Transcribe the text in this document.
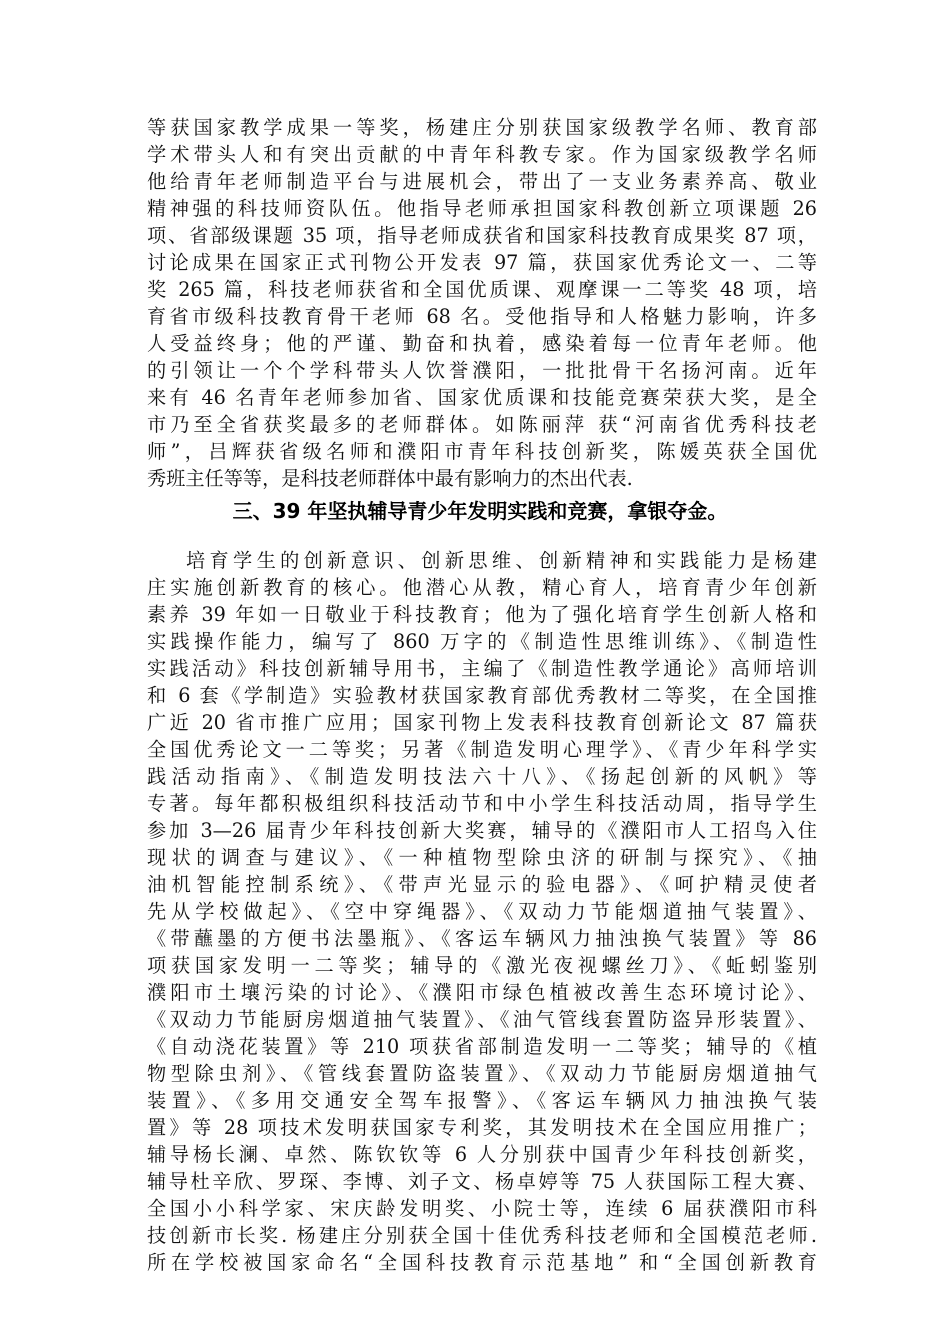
等获国家教学成果一等奖，杨建庄分别获国家级教学名师、教育部

学术带头人和有突出贡献的中青年科教专家。作为国家级教学名师

他给青年老师制造平台与进展机会，带出了一支业务素养高、敬业

精神强的科技师资队伍。他指导老师承担国家科教创新立项课题 26

项、省部级课题 35 项，指导老师成获省和国家科技教育成果奖 87 项，

讨论成果在国家正式刊物公开发表 97 篇，获国家优秀论文一、二等

奖 265 篇，科技老师获省和全国优质课、观摩课一二等奖 48 项，培

育省市级科技教育骨干老师 68 名。受他指导和人格魅力影响，许多

人受益终身；他的严谨、勤奋和执着，感染着每一位青年老师。他

的引领让一个个学科带头人饮誉濮阳，一批批骨干名扬河南。近年

来有 46 名青年老师参加省、国家优质课和技能竞赛荣获大奖，是全

市乃至全省获奖最多的老师群体。如陈丽萍 获“河南省优秀科技老

师”，吕辉获省级名师和濮阳市青年科技创新奖，陈媛英获全国优

秀班主任等等，是科技老师群体中最有影响力的杰出代表.

三、39 年坚执辅导青少年发明实践和竞赛，拿银夺金。

培育学生的创新意识、创新思维、创新精神和实践能力是杨建

庄实施创新教育的核心。他潜心从教，精心育人，培育青少年创新

素养 39 年如一日敬业于科技教育；他为了强化培育学生创新人格和

实践操作能力，编写了 860 万字的《制造性思维训练》、《制造性

实践活动》科技创新辅导用书，主编了《制造性教学通论》高师培训

和 6 套《学制造》实验教材获国家教育部优秀教材二等奖，在全国推

广近 20 省市推广应用；国家刊物上发表科技教育创新论文 87 篇获

全国优秀论文一二等奖；另著《制造发明心理学》、《青少年科学实

践活动指南》、《制造发明技法六十八》、《扬起创新的风帆》等

专著。每年都积极组织科技活动节和中小学生科技活动周，指导学生

参加 3—26 届青少年科技创新大奖赛，辅导的《濮阳市人工招鸟入住

现状的调查与建议》、《一种植物型除虫济的研制与探究》、《抽

油机智能控制系统》、《带声光显示的验电器》、《呵护精灵使者

先从学校做起》、《空中穿绳器》、《双动力节能烟道抽气装置》、

《带蘸墨的方便书法墨瓶》、《客运车辆风力抽浊换气装置》等 86

项获国家发明一二等奖；辅导的《激光夜视螺丝刀》、《蚯蚓鉴别

濮阳市土壤污染的讨论》、《濮阳市绿色植被改善生态环境讨论》、

《双动力节能厨房烟道抽气装置》、《油气管线套置防盗异形装置》、

《自动浇花装置》等 210 项获省部制造发明一二等奖；辅导的《植

物型除虫剂》、《管线套置防盗装置》、《双动力节能厨房烟道抽气

装置》、《多用交通安全驾车报警》、《客运车辆风力抽浊换气装

置》等 28 项技术发明获国家专利奖，其发明技术在全国应用推广；

辅导杨长澜、卓然、陈钦钦等 6 人分别获中国青少年科技创新奖，

辅导杜辛欣、罗琛、李博、刘子文、杨卓婷等 75 人获国际工程大赛、

全国小小科学家、宋庆龄发明奖、小院士等，连续 6 届获濮阳市科

技创新市长奖. 杨建庄分别获全国十佳优秀科技老师和全国模范老师.

所在学校被国家命名“全国科技教育示范基地” 和“全国创新教育
